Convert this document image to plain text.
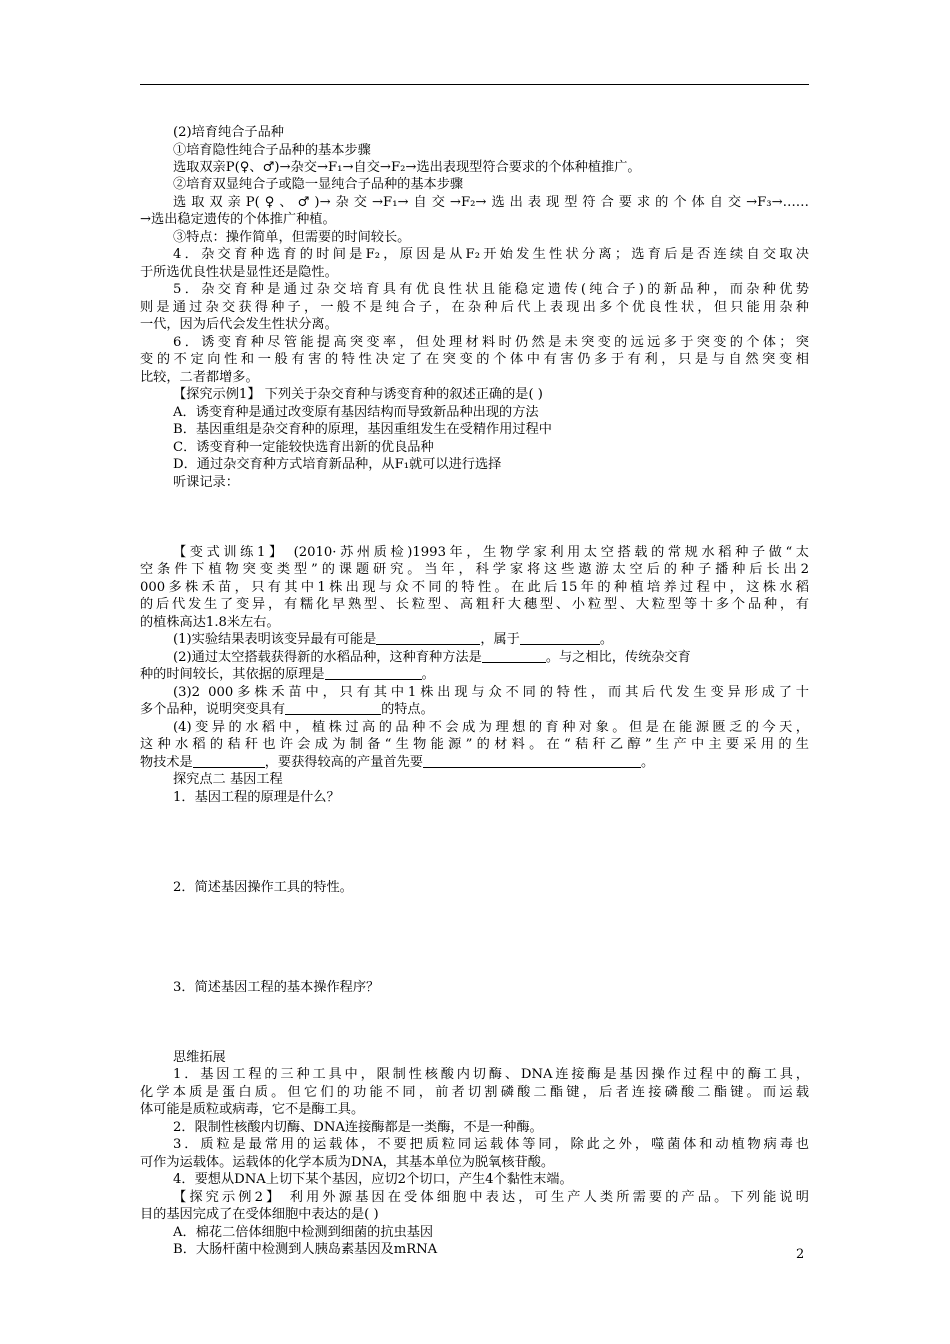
(2)培育纯合子品种
①培育隐性纯合子品种的基本步骤
选取双亲P(♀、♂)→杂交→F₁→自交→F₂→选出表现型符合要求的个体种植推广。
②培育双显纯合子或隐一显纯合子品种的基本步骤
选取双亲P(♀、♂)→杂交→F₁→自交→F₂→选出表现型符合要求的个体自交→F₃→……
→选出稳定遗传的个体推广种植。
③特点：操作简单，但需要的时间较长。
4．杂交育种选育的时间是F₂，原因是从F₂开始发生性状分离；选育后是否连续自交取决
于所选优良性状是显性还是隐性。
5．杂交育种是通过杂交培育具有优良性状且能稳定遗传(纯合子)的新品种，而杂种优势
则是通过杂交获得种子，一般不是纯合子，在杂种后代上表现出多个优良性状，但只能用杂种
一代，因为后代会发生性状分离。
6．诱变育种尽管能提高突变率，但处理材料时仍然是未突变的远远多于突变的个体；突
变的不定向性和一般有害的特性决定了在突变的个体中有害仍多于有利，只是与自然突变相
比较，二者都增多。
【探究示例1】 下列关于杂交育种与诱变育种的叙述正确的是( )
A．诱变育种是通过改变原有基因结构而导致新品种出现的方法
B．基因重组是杂交育种的原理，基因重组发生在受精作用过程中
C．诱变育种一定能较快选育出新的优良品种
D．通过杂交育种方式培育新品种，从F₁就可以进行选择
听课记录：
【变式训练1】 (2010·苏州质检)1993年，生物学家利用太空搭载的常规水稻种子做“太
空条件下植物突变类型”的课题研究。当年，科学家将这些遨游太空后的种子播种后长出2
000多株禾苗，只有其中1株出现与众不同的特性。在此后15年的种植培养过程中，这株水稻
的后代发生了变异，有糯化早熟型、长粒型、高粗秆大穗型、小粒型、大粒型等十多个品种，有
的植株高达1.8米左右。
(1)实验结果表明该变异最有可能是	，属于	。
(2)通过太空搭载获得新的水稻品种，这种育种方法是	。与之相比，传统杂交育
种的时间较长，其依据的原理是	。
(3)2 000多株禾苗中，只有其中1株出现与众不同的特性，而其后代发生变异形成了十
多个品种，说明突变具有	的特点。
(4)变异的水稻中，植株过高的品种不会成为理想的育种对象。但是在能源匮乏的今天，
这种水稻的秸秆也许会成为制备“生物能源”的材料。在“秸秆乙醇”生产中主要采用的生
物技术是	，要获得较高的产量首先要	。
探究点二 基因工程
1．基因工程的原理是什么？
2．简述基因操作工具的特性。
3．简述基因工程的基本操作程序？
思维拓展
1．基因工程的三种工具中，限制性核酸内切酶、DNA连接酶是基因操作过程中的酶工具，
化学本质是蛋白质。但它们的功能不同，前者切割磷酸二酯键，后者连接磷酸二酯键。而运载
体可能是质粒或病毒，它不是酶工具。
2．限制性核酸内切酶、DNA连接酶都是一类酶，不是一种酶。
3．质粒是最常用的运载体，不要把质粒同运载体等同，除此之外，噬菌体和动植物病毒也
可作为运载体。运载体的化学本质为DNA，其基本单位为脱氧核苷酸。
4．要想从DNA上切下某个基因，应切2个切口，产生4个黏性末端。
【探究示例2】 利用外源基因在受体细胞中表达，可生产人类所需要的产品。下列能说明
目的基因完成了在受体细胞中表达的是( )
A．棉花二倍体细胞中检测到细菌的抗虫基因
B．大肠杆菌中检测到人胰岛素基因及mRNA	2
